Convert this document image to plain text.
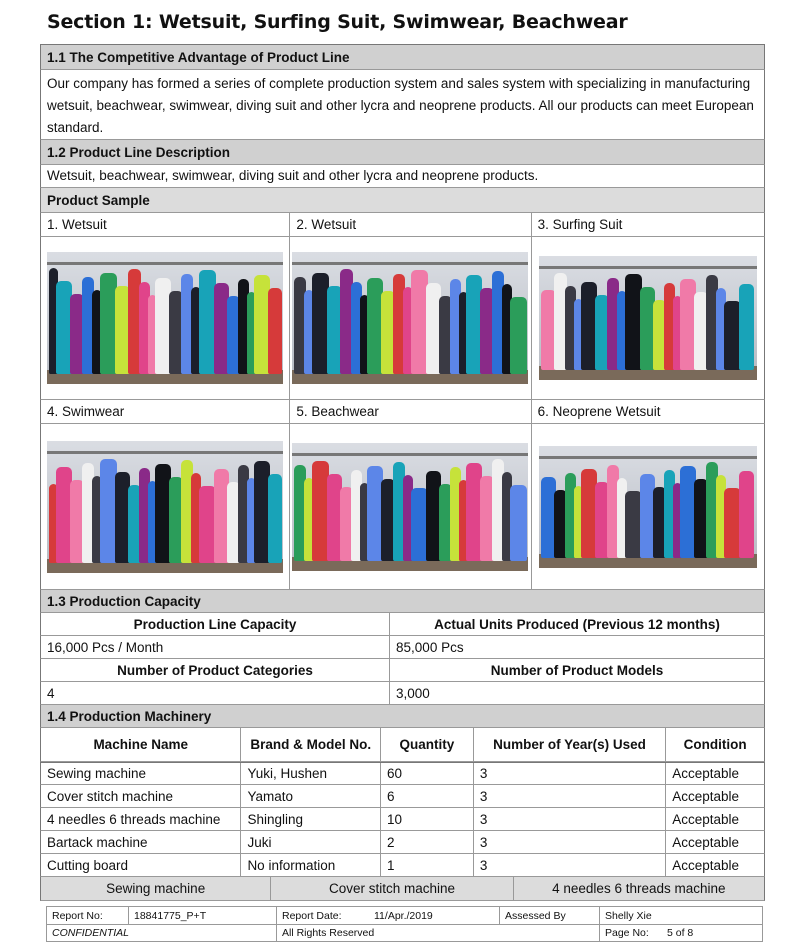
Section 1: Wetsuit, Surfing Suit, Swimwear, Beachwear
1.1 The Competitive Advantage of Product Line
Our company has formed a series of complete production system and sales system with specializing in manufacturing wetsuit, beachwear, swimwear, diving suit and other lycra and neoprene products. All our products can meet European standard.
1.2 Product Line Description
Wetsuit, beachwear, swimwear, diving suit and other lycra and neoprene products.
Product Sample
1. Wetsuit	2. Wetsuit	3. Surfing Suit
4. Swimwear	5. Beachwear	6. Neoprene Wetsuit
1.3 Production Capacity
Production Line Capacity	Actual Units Produced (Previous 12 months)
16,000 Pcs / Month	85,000 Pcs
Number of Product Categories	Number of Product Models
4	3,000
1.4 Production Machinery
Machine Name	Brand & Model No.	Quantity	Number of Year(s) Used	Condition
Sewing machine	Yuki, Hushen	60	3	Acceptable
Cover stitch machine	Yamato	6	3	Acceptable
4 needles 6 threads machine	Shingling	10	3	Acceptable
Bartack machine	Juki	2	3	Acceptable
Cutting board	No information	1	3	Acceptable
Sewing machine	Cover stitch machine	4 needles 6 threads machine
Report No:	18841775_P+T	Report Date:	11/Apr./2019	Assessed By	Shelly Xie
CONFIDENTIAL	All Rights Reserved	Page No:	5 of 8
